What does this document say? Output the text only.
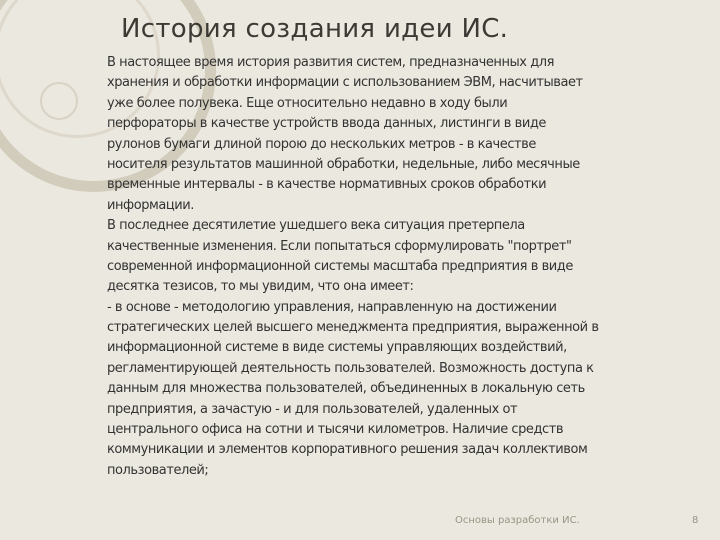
История создания идеи ИС.
В настоящее время история развития систем, предназначенных для
хранения и обработки информации с использованием ЭВМ, насчитывает
уже более полувека. Еще относительно недавно в ходу были
перфораторы в качестве устройств ввода данных, листинги в виде
рулонов бумаги длиной порою до нескольких метров - в качестве
носителя результатов машинной обработки, недельные, либо месячные
временные интервалы - в качестве нормативных сроков обработки
информации.
В последнее десятилетие ушедшего века ситуация претерпела
качественные изменения. Если попытаться сформулировать "портрет"
современной информационной системы масштаба предприятия в виде
десятка тезисов, то мы увидим, что она имеет:
- в основе - методологию управления, направленную на достижении
стратегических целей высшего менеджмента предприятия, выраженной в
информационной системе в виде системы управляющих воздействий,
регламентирующей деятельность пользователей. Возможность доступа к
данным для множества пользователей, объединенных в локальную сеть
предприятия, а зачастую - и для пользователей, удаленных от
центрального офиса на сотни и тысячи километров. Наличие средств
коммуникации и элементов корпоративного решения задач коллективом
пользователей;
Основы разработки ИС.	8
